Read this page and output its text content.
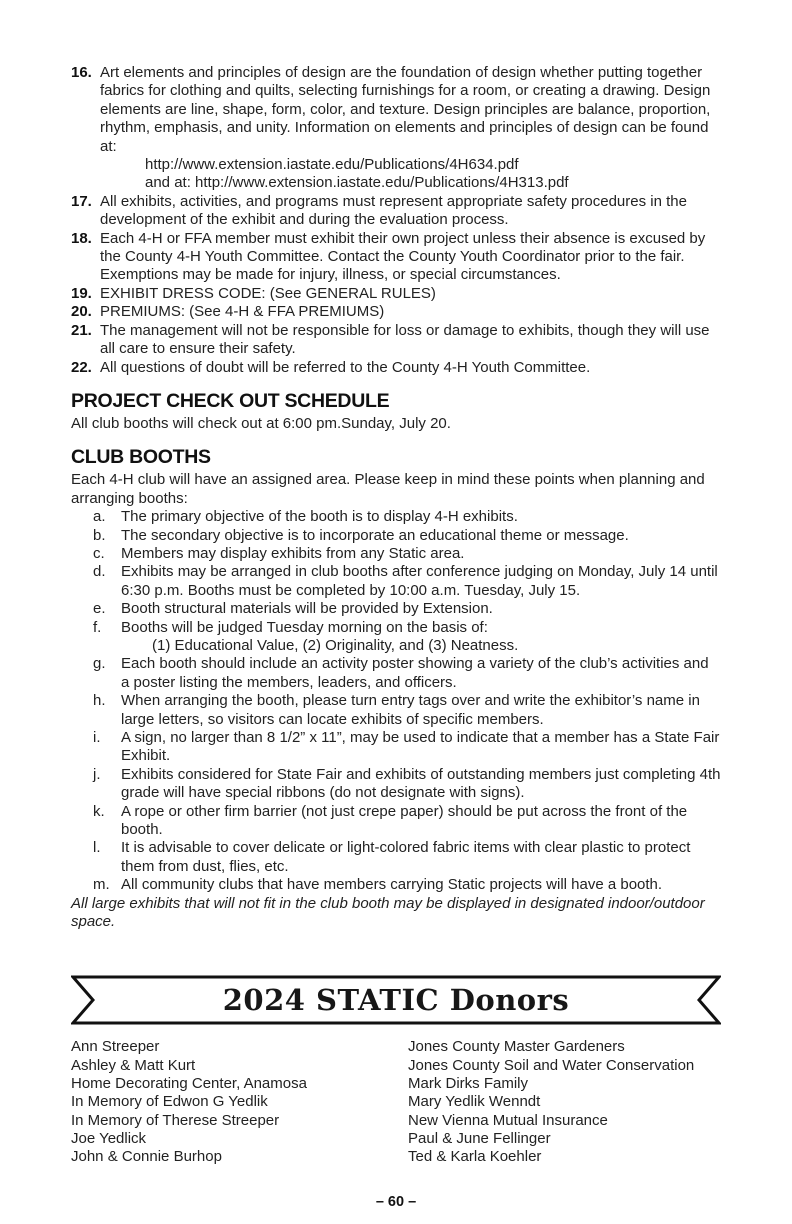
16. Art elements and principles of design are the foundation of design whether putting together fabrics for clothing and quilts, selecting furnishings for a room, or creating a drawing. Design elements are line, shape, form, color, and texture. Design principles are balance, proportion, rhythm, emphasis, and unity. Information on elements and principles of design can be found at:
http://www.extension.iastate.edu/Publications/4H634.pdf
and at: http://www.extension.iastate.edu/Publications/4H313.pdf
17. All exhibits, activities, and programs must represent appropriate safety procedures in the development of the exhibit and during the evaluation process.
18. Each 4-H or FFA member must exhibit their own project unless their absence is excused by the County 4-H Youth Committee. Contact the County Youth Coordinator prior to the fair. Exemptions may be made for injury, illness, or special circumstances.
19. EXHIBIT DRESS CODE: (See GENERAL RULES)
20. PREMIUMS: (See 4-H & FFA PREMIUMS)
21. The management will not be responsible for loss or damage to exhibits, though they will use all care to ensure their safety.
22. All questions of doubt will be referred to the County 4-H Youth Committee.
PROJECT CHECK OUT SCHEDULE

All club booths will check out at 6:00 pm.Sunday, July 20.

CLUB BOOTHS

Each 4-H club will have an assigned area. Please keep in mind these points when planning and arranging booths:

a.	The primary objective of the booth is to display 4-H exhibits.
b.	The secondary objective is to incorporate an educational theme or message.
c.	Members may display exhibits from any Static area.
d.	Exhibits may be arranged in club booths after conference judging on Monday, July 14 until 6:30 p.m. Booths must be completed by 10:00 a.m. Tuesday, July 15.
e.	Booth structural materials will be provided by Extension.
f.	Booths will be judged Tuesday morning on the basis of:
(1) Educational Value, (2) Originality, and (3) Neatness.
g.	Each booth should include an activity poster showing a variety of the club’s activities and a poster listing the members, leaders, and officers.
h.	When arranging the booth, please turn entry tags over and write the exhibitor’s name in large letters, so visitors can locate exhibits of specific members.
i.	A sign, no larger than 8 1/2” x 11”, may be used to indicate that a member has a State Fair Exhibit.
j.	Exhibits considered for State Fair and exhibits of outstanding members just completing 4th grade will have special ribbons (do not designate with signs).
k.	A rope or other firm barrier (not just crepe paper) should be put across the front of the booth.
l.	It is advisable to cover delicate or light-colored fabric items with clear plastic to protect them from dust, flies, etc.
m. All community clubs that have members carrying Static projects will have a booth.

All large exhibits that will not fit in the club booth may be displayed in designated indoor/outdoor space.

2024 STATIC Donors
Ann Streeper
Ashley & Matt Kurt
Home Decorating Center, Anamosa
In Memory of Edwon G Yedlik
In Memory of Therese Streeper
Joe Yedlick
John & Connie Burhop
Jones County Master Gardeners
Jones County Soil and Water Conservation
Mark Dirks Family
Mary Yedlik Wenndt
New Vienna Mutual Insurance
Paul & June Fellinger
Ted & Karla Koehler
– 60 –
